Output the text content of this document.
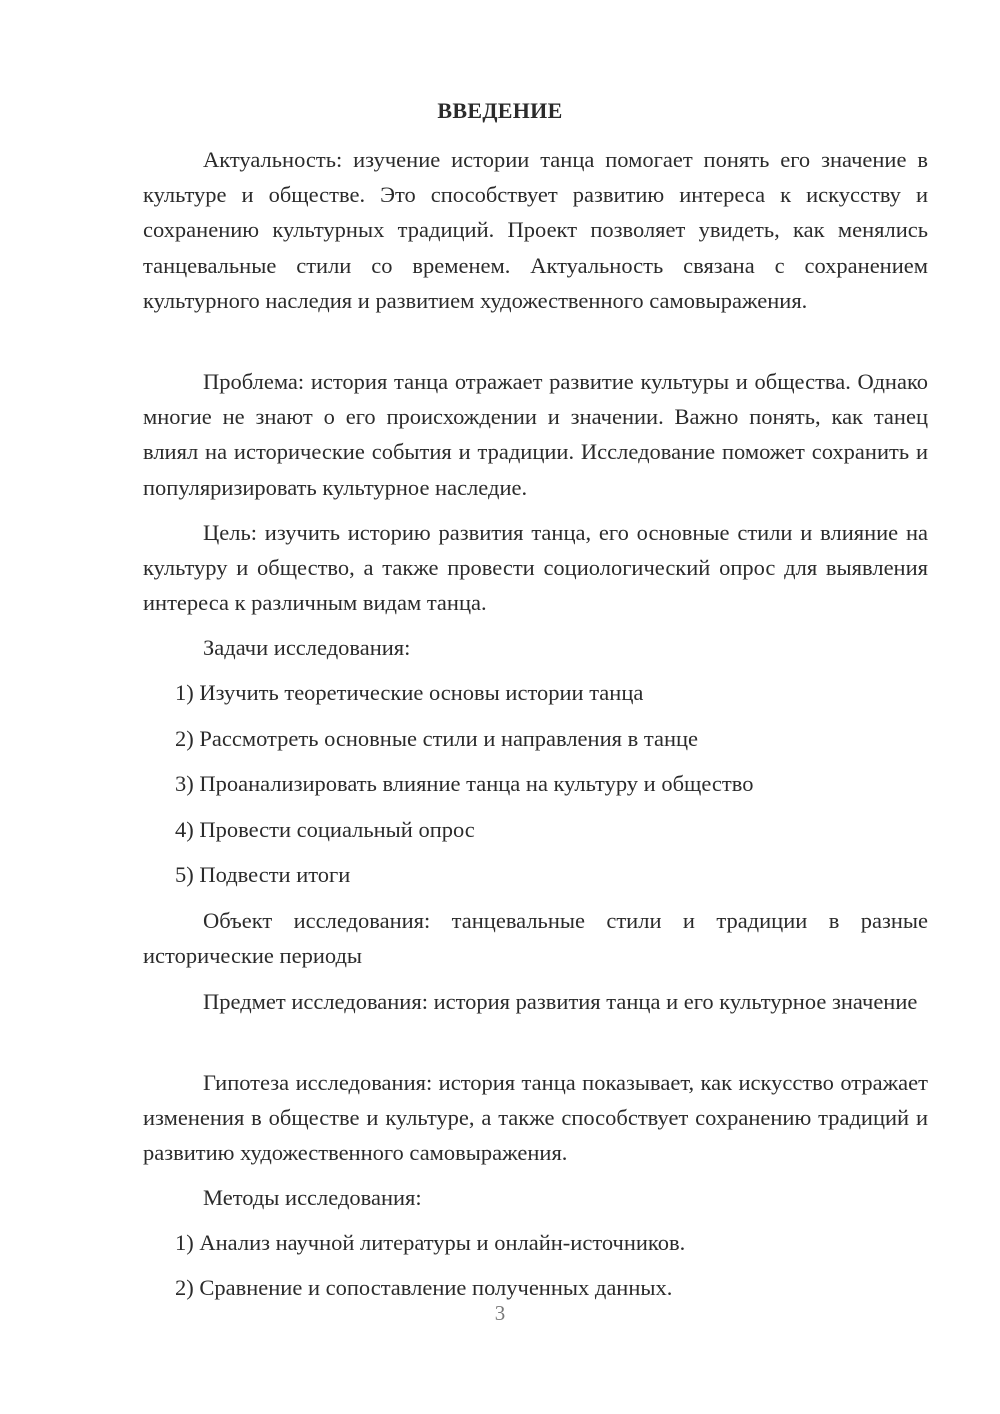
ВВЕДЕНИЕ

Актуальность: изучение истории танца помогает понять его значение в культуре и обществе. Это способствует развитию интереса к искусству и сохранению культурных традиций. Проект позволяет увидеть, как менялись танцевальные стили со временем. Актуальность связана с сохранением культурного наследия и развитием художественного самовыражения.

Проблема: история танца отражает развитие культуры и общества. Однако многие не знают о его происхождении и значении. Важно понять, как танец влиял на исторические события и традиции. Исследование поможет сохранить и популяризировать культурное наследие.

Цель: изучить историю развития танца, его основные стили и влияние на культуру и общество, а также провести социологический опрос для выявления интереса к различным видам танца.

Задачи исследования:
1) Изучить теоретические основы истории танца
2) Рассмотреть основные стили и направления в танце
3) Проанализировать влияние танца на культуру и общество
4) Провести социальный опрос
5) Подвести итоги

Объект исследования: танцевальные стили и традиции в разные исторические периоды

Предмет исследования: история развития танца и его культурное значение

Гипотеза исследования: история танца показывает, как искусство отражает изменения в обществе и культуре, а также способствует сохранению традиций и развитию художественного самовыражения.

Методы исследования:
1) Анализ научной литературы и онлайн-источников.
2) Сравнение и сопоставление полученных данных.
3
